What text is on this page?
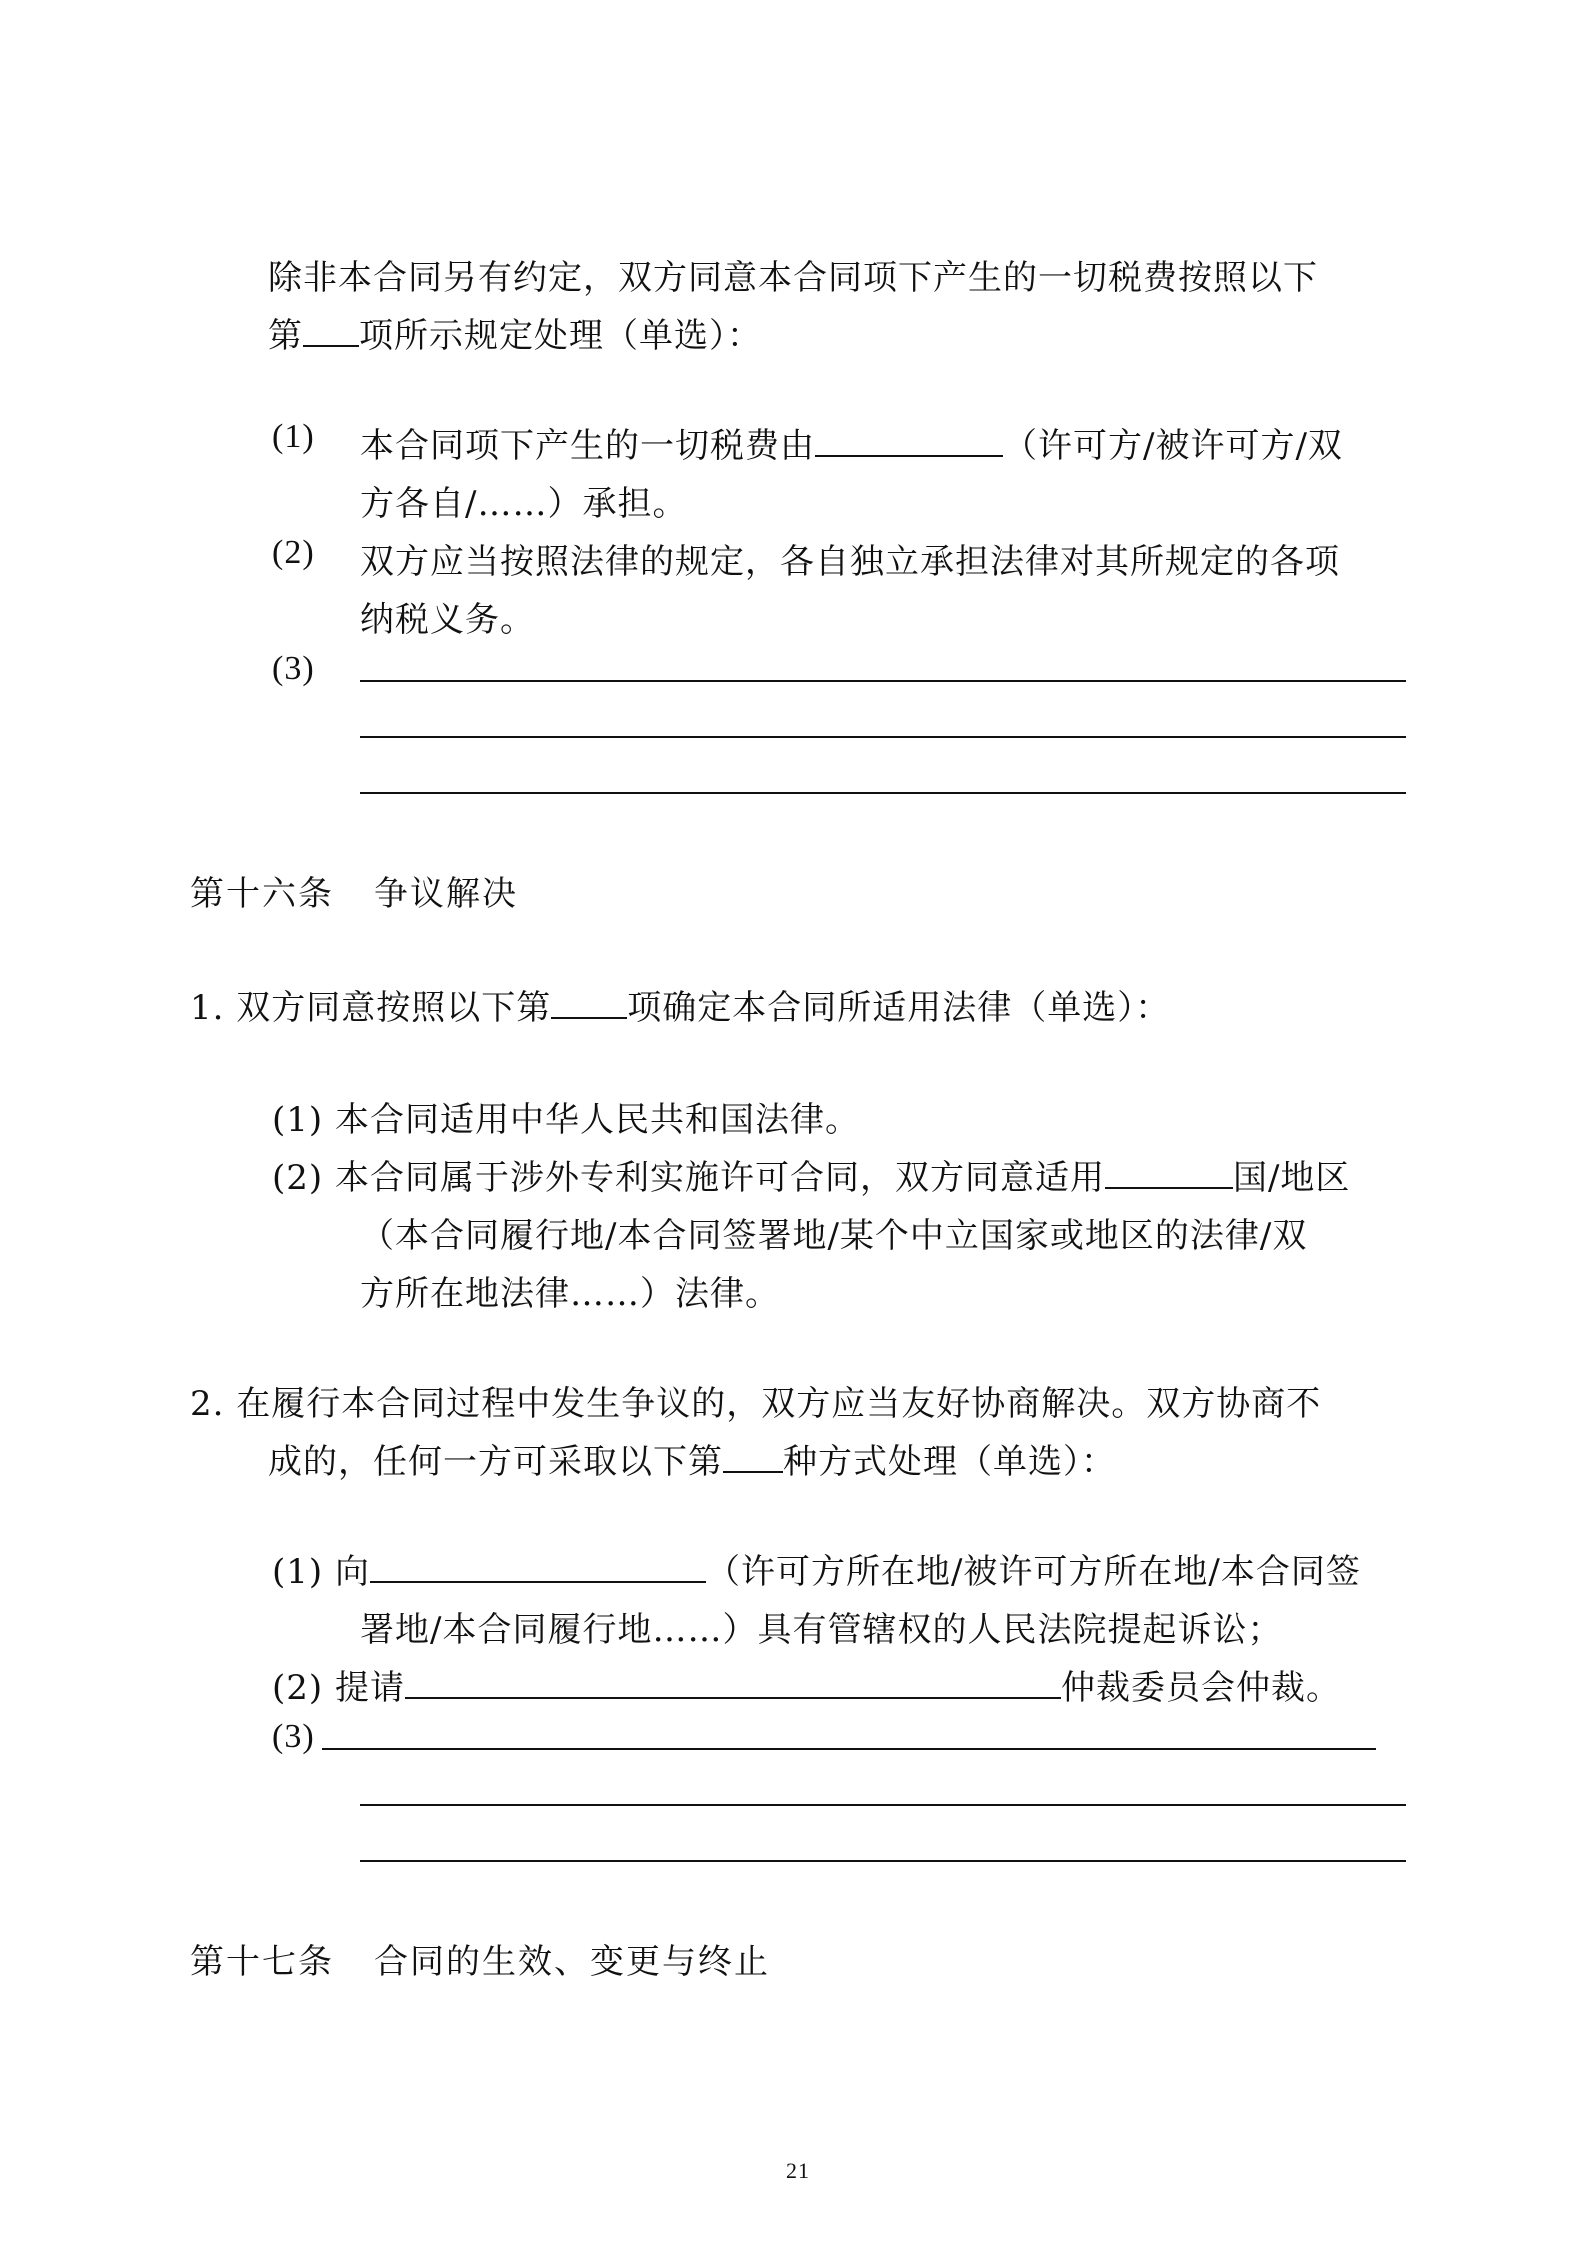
除非本合同另有约定，双方同意本合同项下产生的一切税费按照以下
第 项所示规定处理（单选）：
(1) 本合同项下产生的一切税费由	（许可方/被许可方/双
方各自/……）承担。
(2) 双方应当按照法律的规定，各自独立承担法律对其所规定的各项
纳税义务。
(3)
第十六条 争议解决
1. 双方同意按照以下第 项确定本合同所适用法律（单选）：
(1) 本合同适用中华人民共和国法律。
(2) 本合同属于涉外专利实施许可合同，双方同意适用	国/地区
（本合同履行地/本合同签署地/某个中立国家或地区的法律/双
方所在地法律……）法律。
2. 在履行本合同过程中发生争议的，双方应当友好协商解决。双方协商不
成的，任何一方可采取以下第 种方式处理（单选）：
(1) 向	（许可方所在地/被许可方所在地/本合同签
署地/本合同履行地……）具有管辖权的人民法院提起诉讼；
(2) 提请	仲裁委员会仲裁。
(3)
第十七条 合同的生效、变更与终止
21
